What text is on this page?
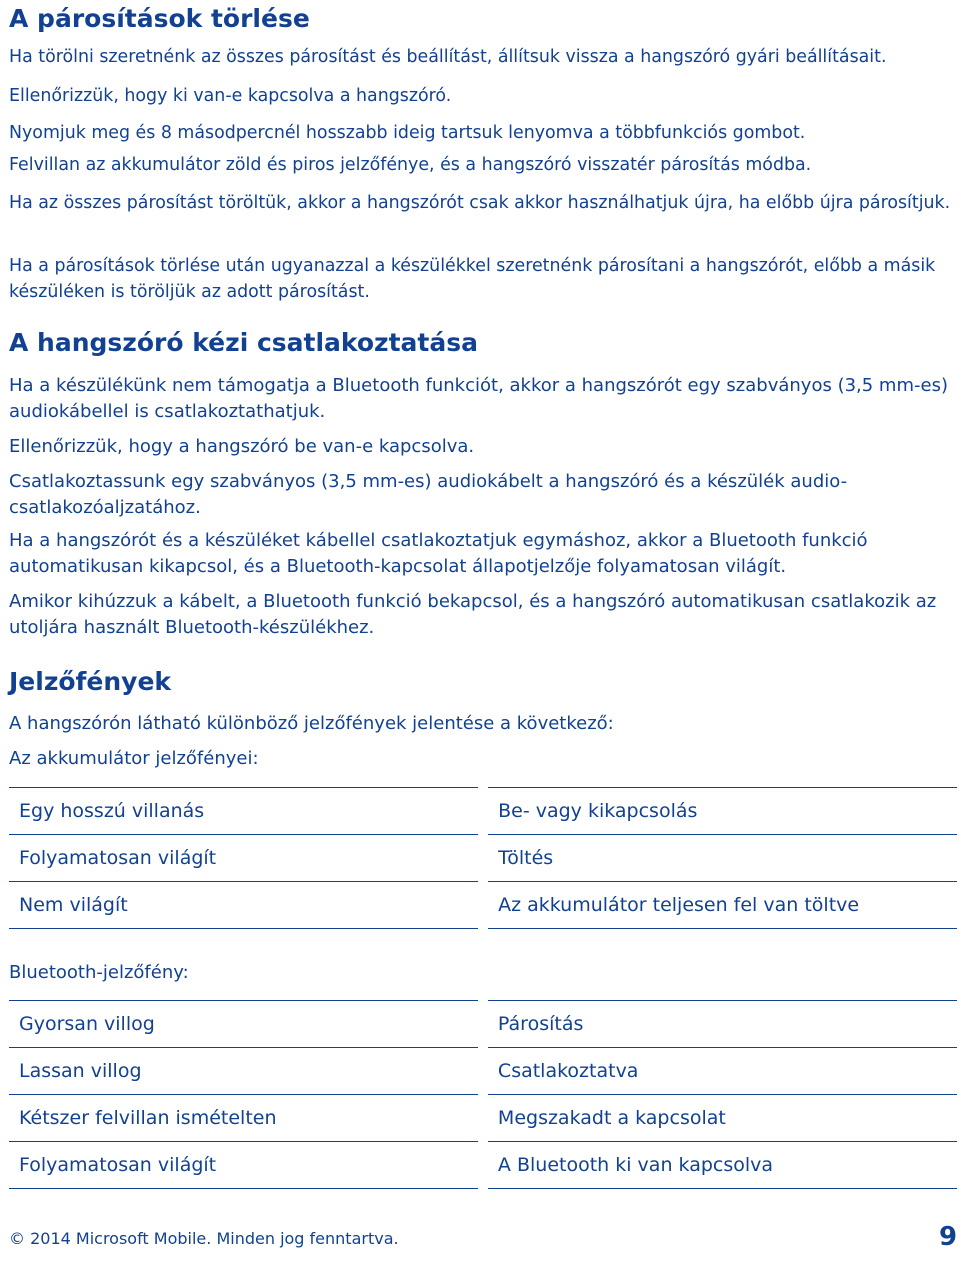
A párosítások törlése

Ha törölni szeretnénk az összes párosítást és beállítást, állítsuk vissza a hangszóró gyári beállításait.

Ellenőrizzük, hogy ki van-e kapcsolva a hangszóró.

Nyomjuk meg és 8 másodpercnél hosszabb ideig tartsuk lenyomva a többfunkciós gombot.

Felvillan az akkumulátor zöld és piros jelzőfénye, és a hangszóró visszatér párosítás módba.

Ha az összes párosítást töröltük, akkor a hangszórót csak akkor használhatjuk újra, ha előbb újra párosítjuk.

Ha a párosítások törlése után ugyanazzal a készülékkel szeretnénk párosítani a hangszórót, előbb a másik készüléken is töröljük az adott párosítást.

A hangszóró kézi csatlakoztatása

Ha a készülékünk nem támogatja a Bluetooth funkciót, akkor a hangszórót egy szabványos (3,5 mm-es) audiokábellel is csatlakoztathatjuk.

Ellenőrizzük, hogy a hangszóró be van-e kapcsolva.

Csatlakoztassunk egy szabványos (3,5 mm-es) audiokábelt a hangszóró és a készülék audio-csatlakozóaljzatához.

Ha a hangszórót és a készüléket kábellel csatlakoztatjuk egymáshoz, akkor a Bluetooth funkció automatikusan kikapcsol, és a Bluetooth-kapcsolat állapotjelzője folyamatosan világít.

Amikor kihúzzuk a kábelt, a Bluetooth funkció bekapcsol, és a hangszóró automatikusan csatlakozik az utoljára használt Bluetooth-készülékhez.

Jelzőfények

A hangszórón látható különböző jelzőfények jelentése a következő:

Az akkumulátor jelzőfényei:

Egy hosszú villanás	Be- vagy kikapcsolás
Folyamatosan világít	Töltés
Nem világít	Az akkumulátor teljesen fel van töltve

Bluetooth-jelzőfény:

Gyorsan villog	Párosítás
Lassan villog	Csatlakoztatva
Kétszer felvillan ismételten	Megszakadt a kapcsolat
Folyamatosan világít	A Bluetooth ki van kapcsolva
© 2014 Microsoft Mobile. Minden jog fenntartva.	9
